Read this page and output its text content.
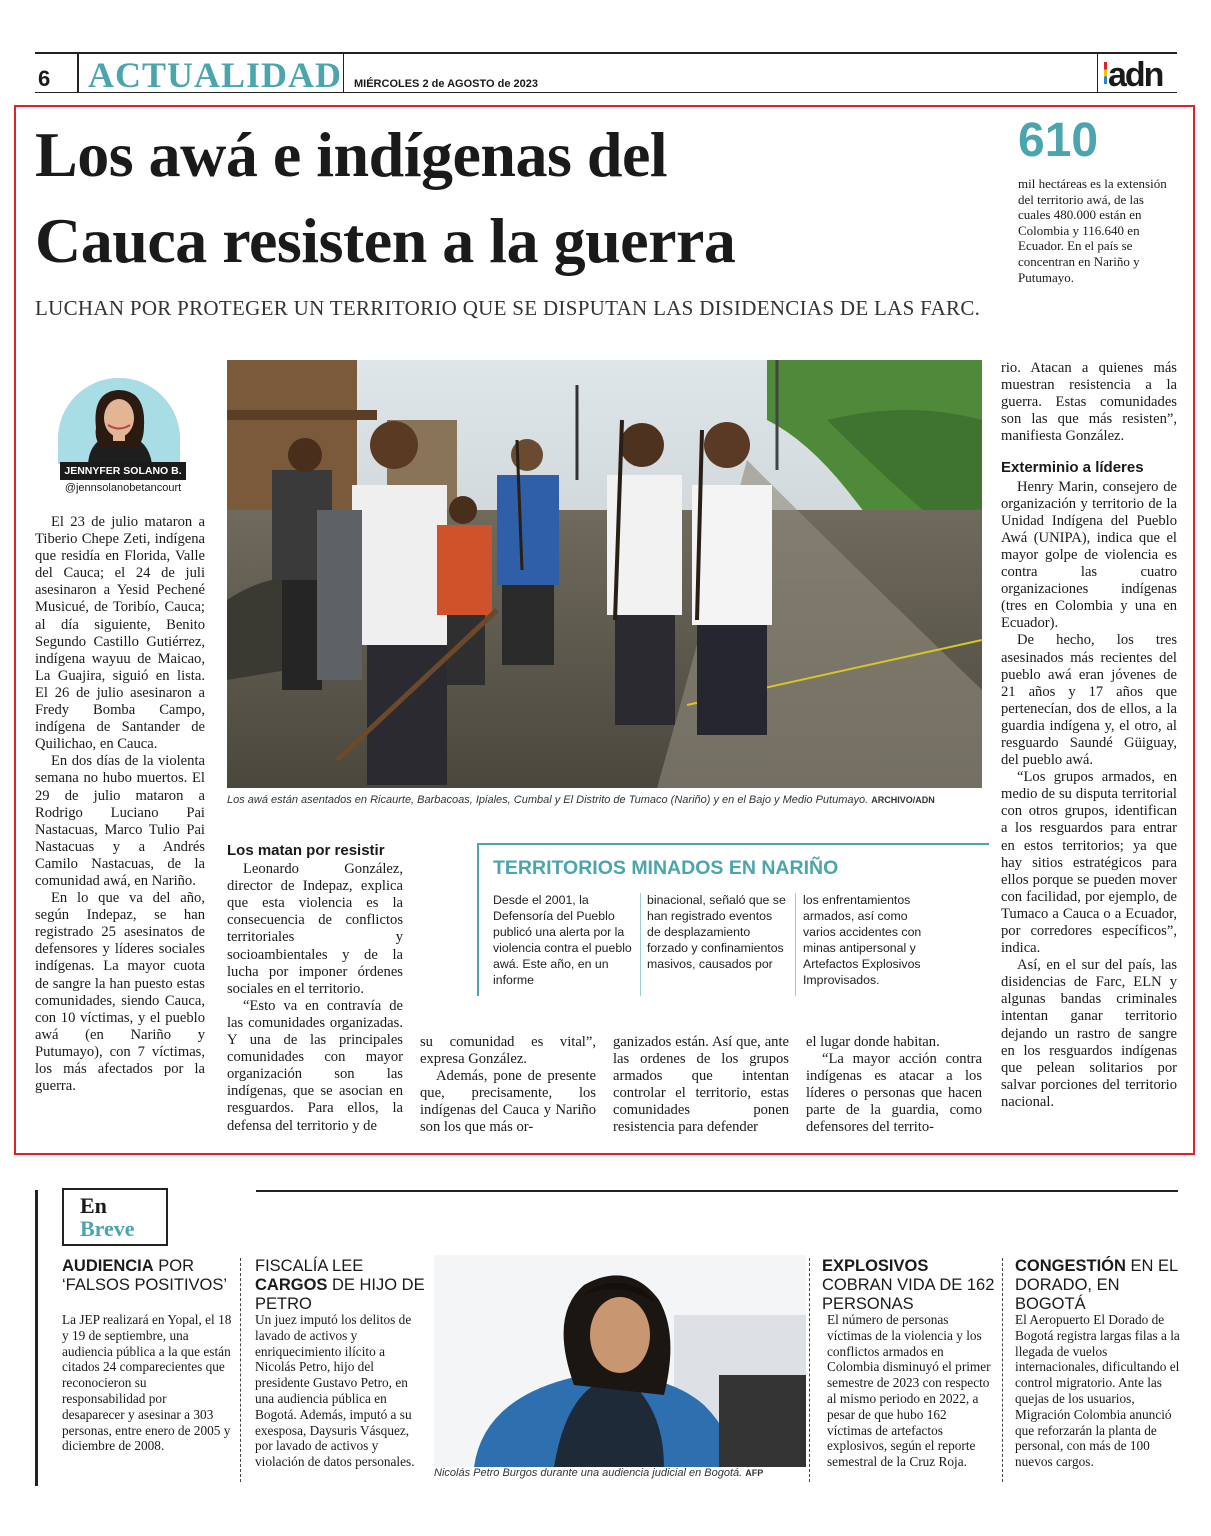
6 ACTUALIDAD MIÉRCOLES 2 de AGOSTO de 2023	adn
Los awá e indígenas del
Cauca resisten a la guerra
LUCHAN POR PROTEGER UN TERRITORIO QUE SE DISPUTAN LAS DISIDENCIAS DE LAS FARC.
610
mil hectáreas es la extensión del territorio awá, de las cuales 480.000 están en Colombia y 116.640 en Ecuador. En el país se concentran en Nariño y Putumayo.
JENNYFER SOLANO B.
@jennsolanobetancourt
Los awá están asentados en Ricaurte, Barbacoas, Ipiales, Cumbal y El Distrito de Tumaco (Nariño) y en el Bajo y Medio Putumayo. ARCHIVO/ADN

El 23 de julio mataron a Tiberio Chepe Zeti, indígena que residía en Florida, Valle del Cauca; el 24 de juli asesinaron a Yesid Pechené Musicué, de Toribío, Cauca; al día siguiente, Benito Segundo Castillo Gutiérrez, indígena wayuu de Maicao, La Guajira, siguió en lista. El 26 de julio asesinaron a Fredy Bomba Campo, indígena de Santander de Quilichao, en Cauca.

En dos días de la violenta semana no hubo muertos. El 29 de julio mataron a Rodrigo Luciano Pai Nastacuas, Marco Tulio Pai Nastacuas y a Andrés Camilo Nastacuas, de la comunidad awá, en Nariño.

En lo que va del año, según Indepaz, se han registrado 25 asesinatos de defensores y líderes sociales indígenas. La mayor cuota de sangre la han puesto estas comunidades, siendo Cauca, con 10 víctimas, y el pueblo awá (en Nariño y Putumayo), con 7 víctimas, los más afectados por la guerra.

Los matan por resistir

Leonardo González, director de Indepaz, explica que esta violencia es la consecuencia de conflictos territoriales y socioambientales y de la lucha por imponer órdenes sociales en el territorio.

“Esto va en contravía de las comunidades organizadas. Y una de las principales comunidades con mayor organización son las indígenas, que se asocian en resguardos. Para ellos, la defensa del territorio y de

su comunidad es vital”, expresa González.

Además, pone de presente que, precisamente, los indígenas del Cauca y Nariño son los que más or-

ganizados están. Así que, ante las ordenes de los grupos armados que intentan controlar el territorio, estas comunidades ponen resistencia para defender

el lugar donde habitan.

“La mayor acción contra indígenas es atacar a los líderes o personas que hacen parte de la guardia, como defensores del territo-

rio. Atacan a quienes más muestran resistencia a la guerra. Estas comunidades son las que más resisten”, manifiesta González.

Exterminio a líderes

Henry Marin, consejero de organización y territorio de la Unidad Indígena del Pueblo Awá (UNIPA), indica que el mayor golpe de violencia es contra las cuatro organizaciones indígenas (tres en Colombia y una en Ecuador).

De hecho, los tres asesinados más recientes del pueblo awá eran jóvenes de 21 años y 17 años que pertenecían, dos de ellos, a la guardia indígena y, el otro, al resguardo Saundé Güiguay, del pueblo awá.

“Los grupos armados, en medio de su disputa territorial con otros grupos, identifican a los resguardos para entrar en estos territorios; ya que hay sitios estratégicos para ellos porque se pueden mover con facilidad, por ejemplo, de Tumaco a Cauca o a Ecuador, por corredores específicos”, indica.

Así, en el sur del país, las disidencias de Farc, ELN y algunas bandas criminales intentan ganar territorio dejando un rastro de sangre en los resguardos indígenas que pelean solitarios por salvar porciones del territorio nacional.

TERRITORIOS MINADOS EN NARIÑO
Desde el 2001, la Defensoría del Pueblo publicó una alerta por la violencia contra el pueblo awá. Este año, en un informe
binacional, señaló que se han registrado eventos de desplazamiento forzado y confinamientos masivos, causados por
los enfrentamientos armados, así como varios accidentes con minas antipersonal y Artefactos Explosivos Improvisados.
En
Breve
AUDIENCIA POR ‘FALSOS POSITIVOS’
La JEP realizará en Yopal, el 18 y 19 de septiembre, una audiencia pública a la que están citados 24 comparecientes que reconocieron su responsabilidad por desaparecer y asesinar a 303 personas, entre enero de 2005 y diciembre de 2008.
FISCALÍA LEE CARGOS DE HIJO DE PETRO
Un juez imputó los delitos de lavado de activos y enriquecimiento ilícito a Nicolás Petro, hijo del presidente Gustavo Petro, en una audiencia pública en Bogotá. Además, imputó a su exesposa, Daysuris Vásquez, por lavado de activos y violación de datos personales.
Nicolás Petro Burgos durante una audiencia judicial en Bogotá. AFP
EXPLOSIVOS COBRAN VIDA DE 162 PERSONAS
El número de personas víctimas de la violencia y los conflictos armados en Colombia disminuyó el primer semestre de 2023 con respecto al mismo periodo en 2022, a pesar de que hubo 162 víctimas de artefactos explosivos, según el reporte semestral de la Cruz Roja.
CONGESTIÓN EN EL DORADO, EN BOGOTÁ
El Aeropuerto El Dorado de Bogotá registra largas filas a la llegada de vuelos internacionales, dificultando el control migratorio. Ante las quejas de los usuarios, Migración Colombia anunció que reforzarán la planta de personal, con más de 100 nuevos cargos.
